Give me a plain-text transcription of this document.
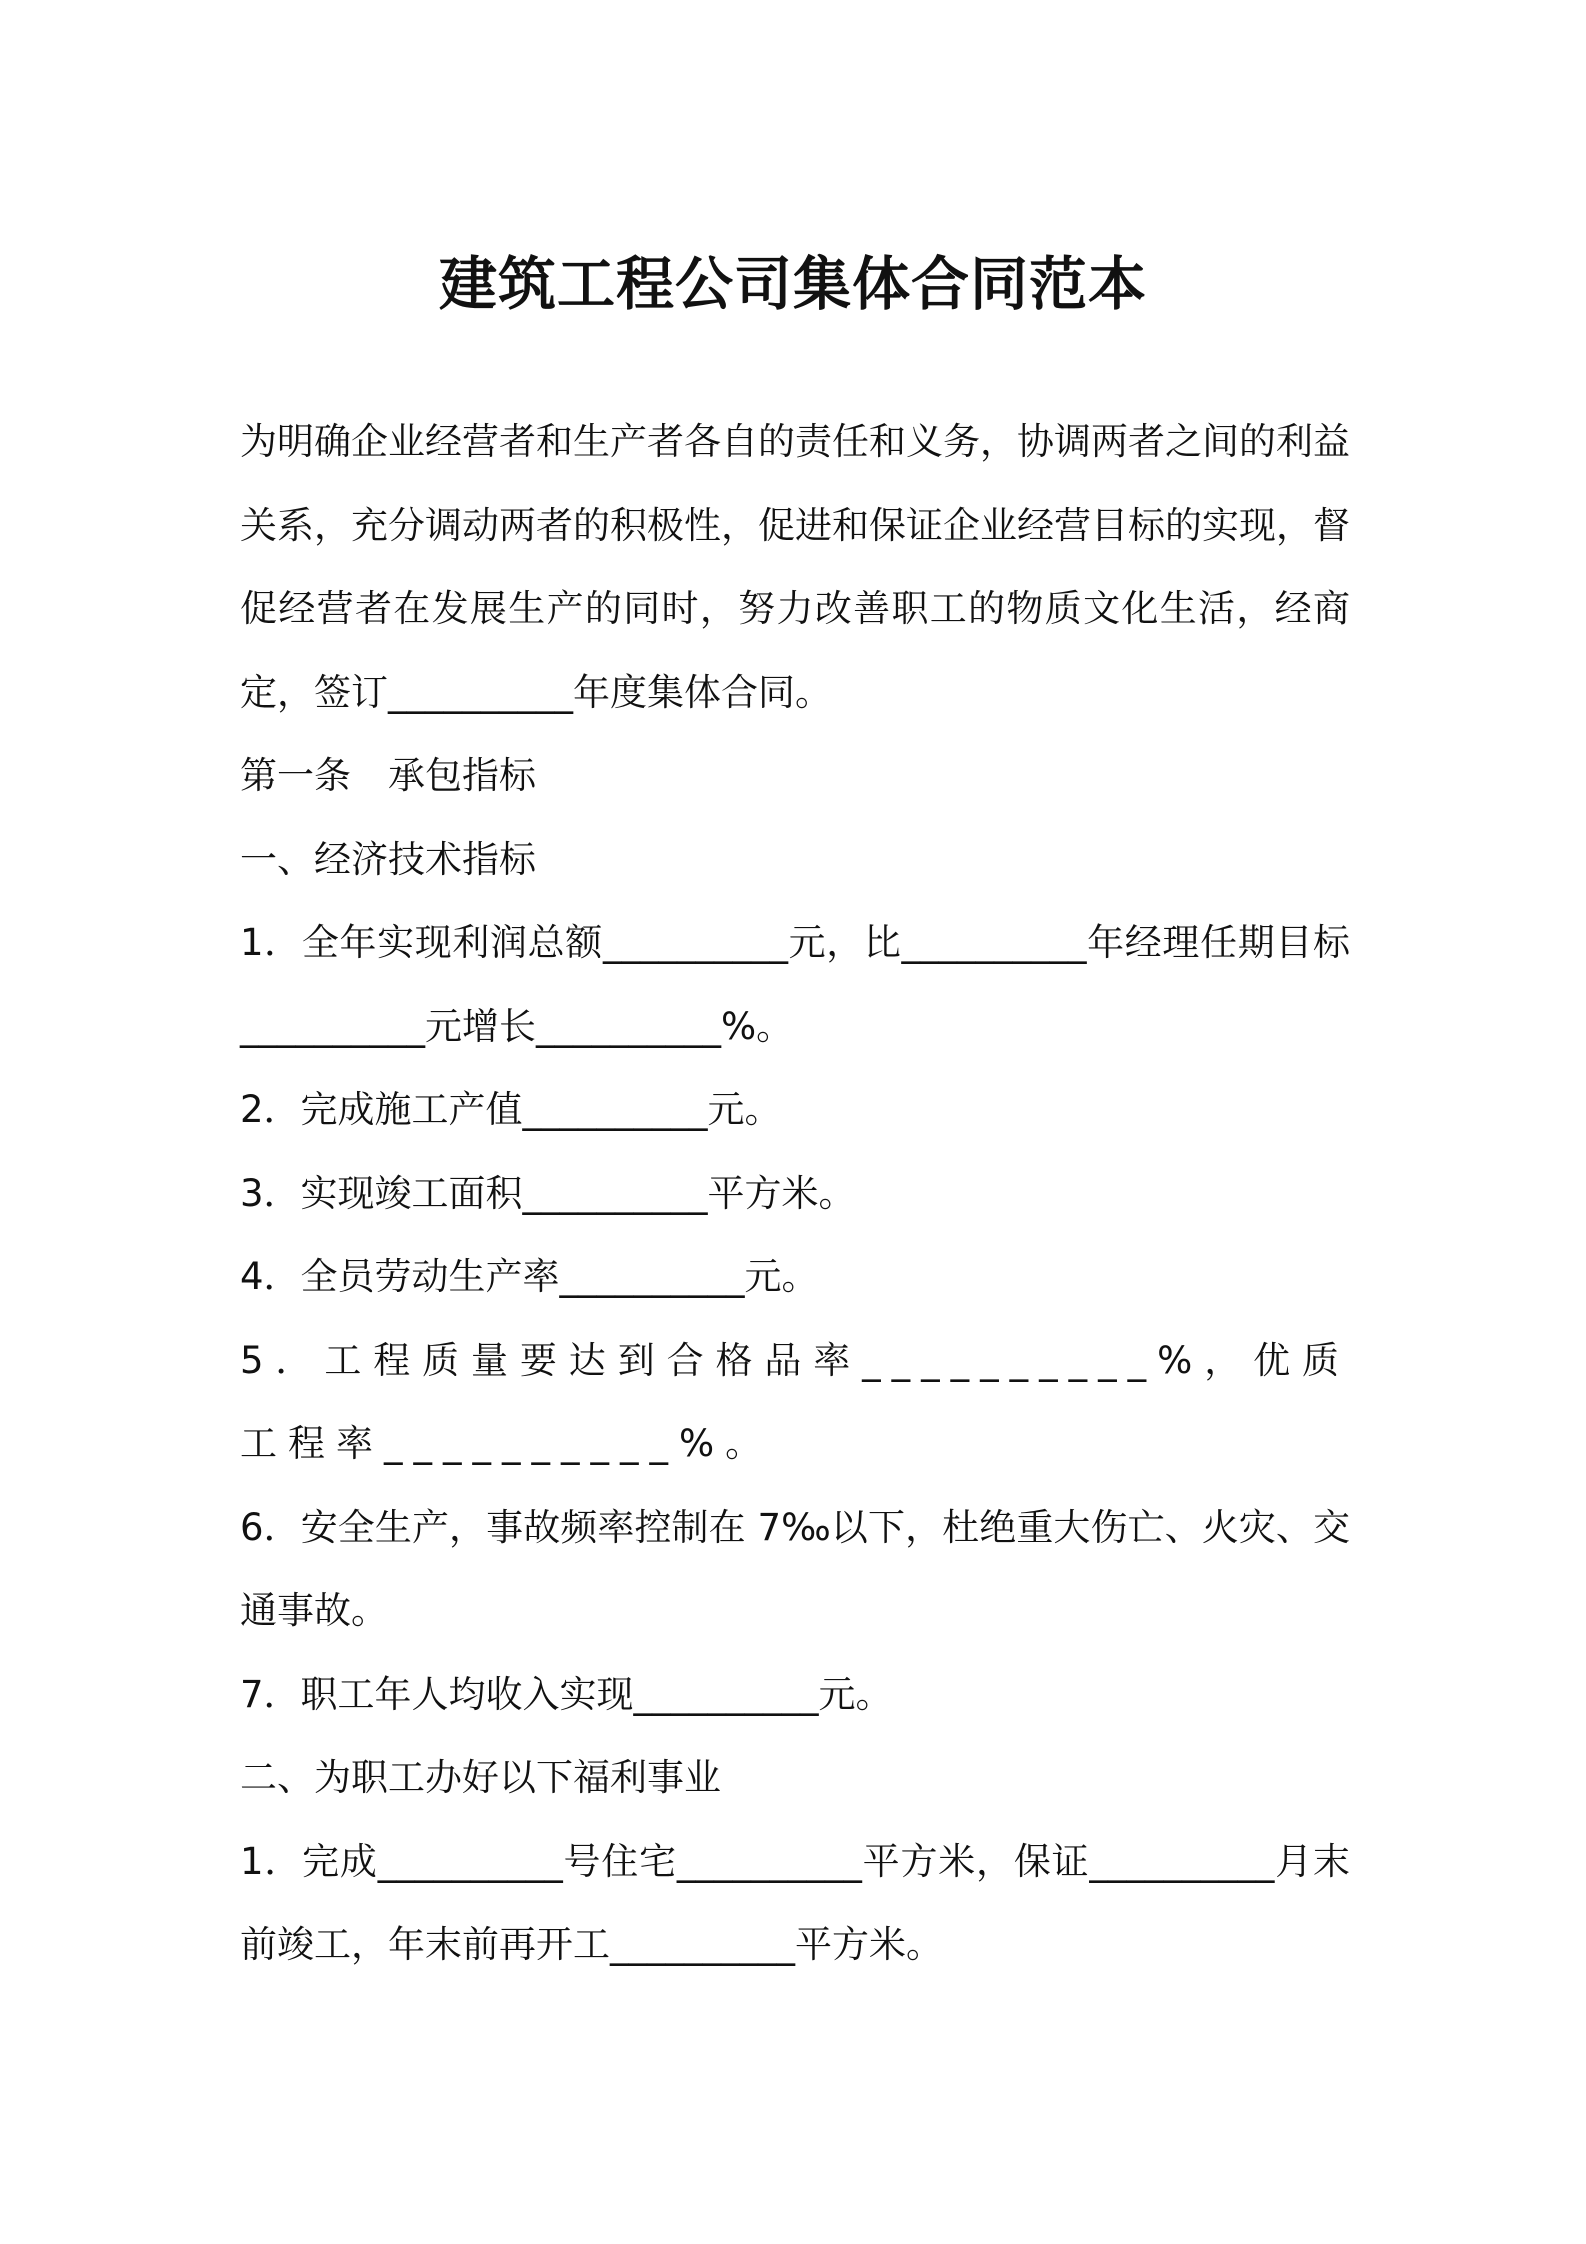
建筑工程公司集体合同范本

为明确企业经营者和生产者各自的责任和义务，协调两者之间的利益关系，充分调动两者的积极性，促进和保证企业经营目标的实现，督促经营者在发展生产的同时，努力改善职工的物质文化生活，经商定，签订__________年度集体合同。

第一条　承包指标

一、经济技术指标

1．全年实现利润总额__________元，比__________年经理任期目标__________元增长__________%。

2．完成施工产值__________元。

3．实现竣工面积__________平方米。

4．全员劳动生产率__________元。

5．工程质量要达到合格品率__________%，优质工程率__________%。

6．安全生产，事故频率控制在 7‰以下，杜绝重大伤亡、火灾、交通事故。

7．职工年人均收入实现__________元。

二、为职工办好以下福利事业

1．完成__________号住宅__________平方米，保证__________月末前竣工，年末前再开工__________平方米。
